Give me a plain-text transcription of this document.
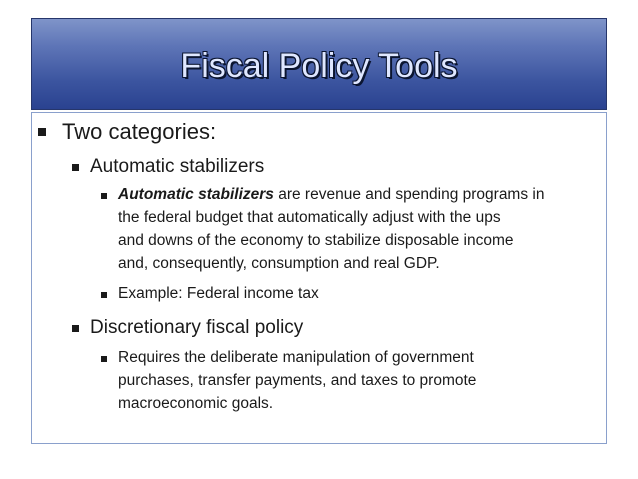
Fiscal Policy Tools
Two categories:
Automatic stabilizers
Automatic stabilizers are revenue and spending programs in
the federal budget that automatically adjust with the ups
and downs of the economy to stabilize disposable income
and, consequently, consumption and real GDP.
Example: Federal income tax
Discretionary fiscal policy
Requires the deliberate manipulation of government
purchases, transfer payments, and taxes to promote
macroeconomic goals.
